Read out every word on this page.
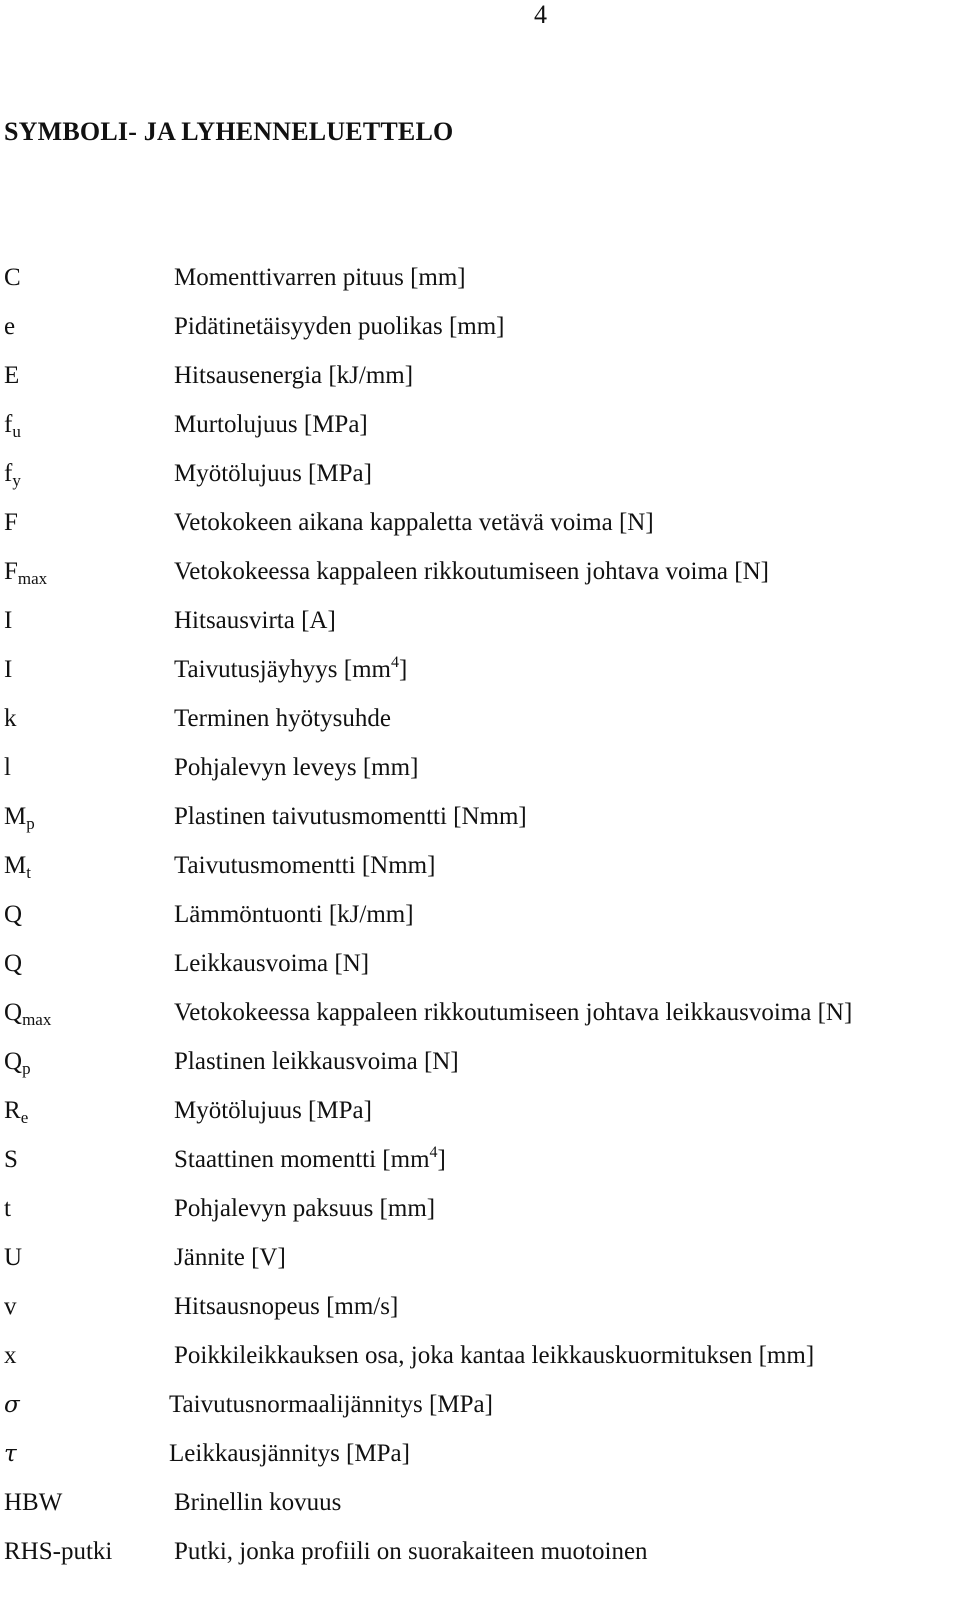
4
SYMBOLI- JA LYHENNELUETTELO
C	Momenttivarren pituus [mm]
e	Pidätinetäisyyden puolikas [mm]
E	Hitsausenergia [kJ/mm]
$f_u$	Murtolujuus [MPa]
$f_y$	Myötölujuus [MPa]
F	Vetokokeen aikana kappaletta vetävä voima [N]
$F_{max}$	Vetokokeessa kappaleen rikkoutumiseen johtava voima [N]
I	Hitsausvirta [A]
I	Taivutusjäyhyys $[mm^4]$
k	Terminen hyötysuhde
l	Pohjalevyn leveys [mm]
$M_p$	Plastinen taivutusmomentti [Nmm]
$M_t$	Taivutusmomentti [Nmm]
Q	Lämmöntuonti [kJ/mm]
Q	Leikkausvoima [N]
$Q_{max}$	Vetokokeessa kappaleen rikkoutumiseen johtava leikkausvoima [N]
$Q_p$	Plastinen leikkausvoima [N]
$R_e$	Myötölujuus [MPa]
S	Staattinen momentti $[mm^4]$
t	Pohjalevyn paksuus [mm]
U	Jännite [V]
v	Hitsausnopeus [mm/s]
x	Poikkileikkauksen osa, joka kantaa leikkauskuormituksen [mm]
σ	Taivutusnormaalijännitys [MPa]
τ	Leikkausjännitys [MPa]
HBW	Brinellin kovuus
RHS-putki Putki, jonka profiili on suorakaiteen muotoinen
